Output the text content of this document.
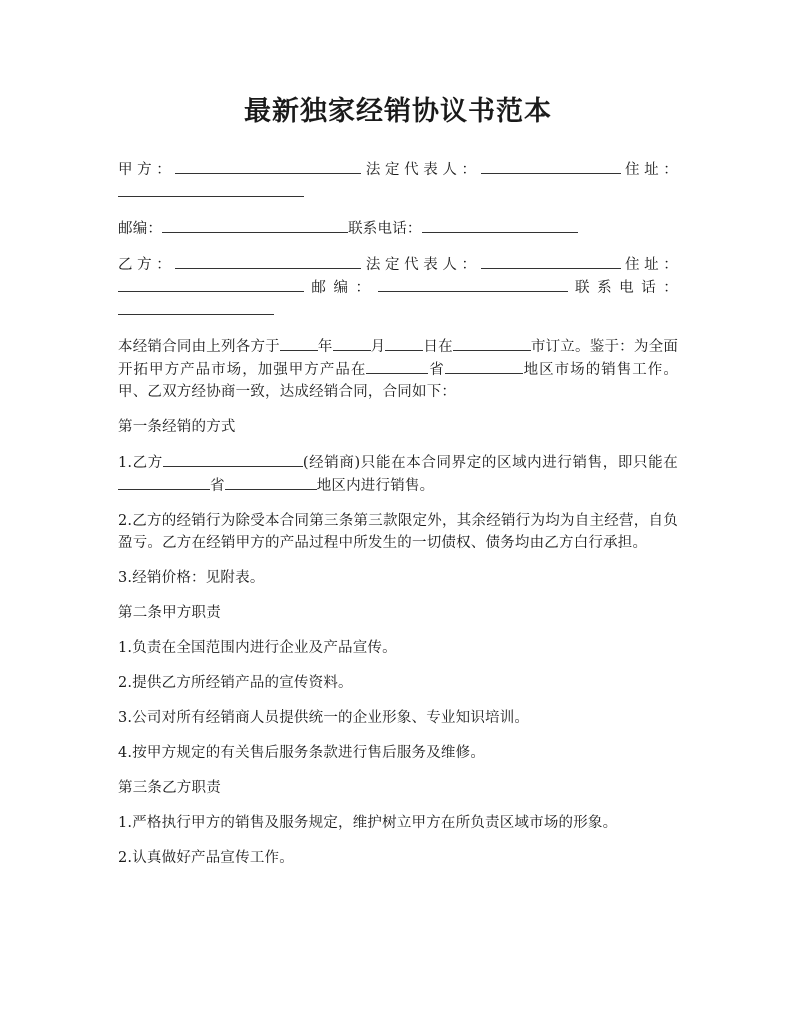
最新独家经销协议书范本

甲方：	法定代表人：	住址：

邮编：	联系电话：

乙方：	法定代表人：	住址：邮编：	联系电话：

本经销合同由上列各方于	年	月	日在	市订立。鉴于：为全面开拓甲方产品市场，加强甲方产品在	省	地区市场的销售工作。甲、乙双方经协商一致，达成经销合同，合同如下：

第一条经销的方式

1.乙方	(经销商)只能在本合同界定的区域内进行销售，即只能在省	地区内进行销售。

2.乙方的经销行为除受本合同第三条第三款限定外，其余经销行为均为自主经营，自负盈亏。乙方在经销甲方的产品过程中所发生的一切债权、债务均由乙方白行承担。

3.经销价格：见附表。

第二条甲方职责

1.负责在全国范围内进行企业及产品宣传。

2.提供乙方所经销产品的宣传资料。

3.公司对所有经销商人员提供统一的企业形象、专业知识培训。

4.按甲方规定的有关售后服务条款进行售后服务及维修。

第三条乙方职责

1.严格执行甲方的销售及服务规定，维护树立甲方在所负责区域市场的形象。

2.认真做好产品宣传工作。
